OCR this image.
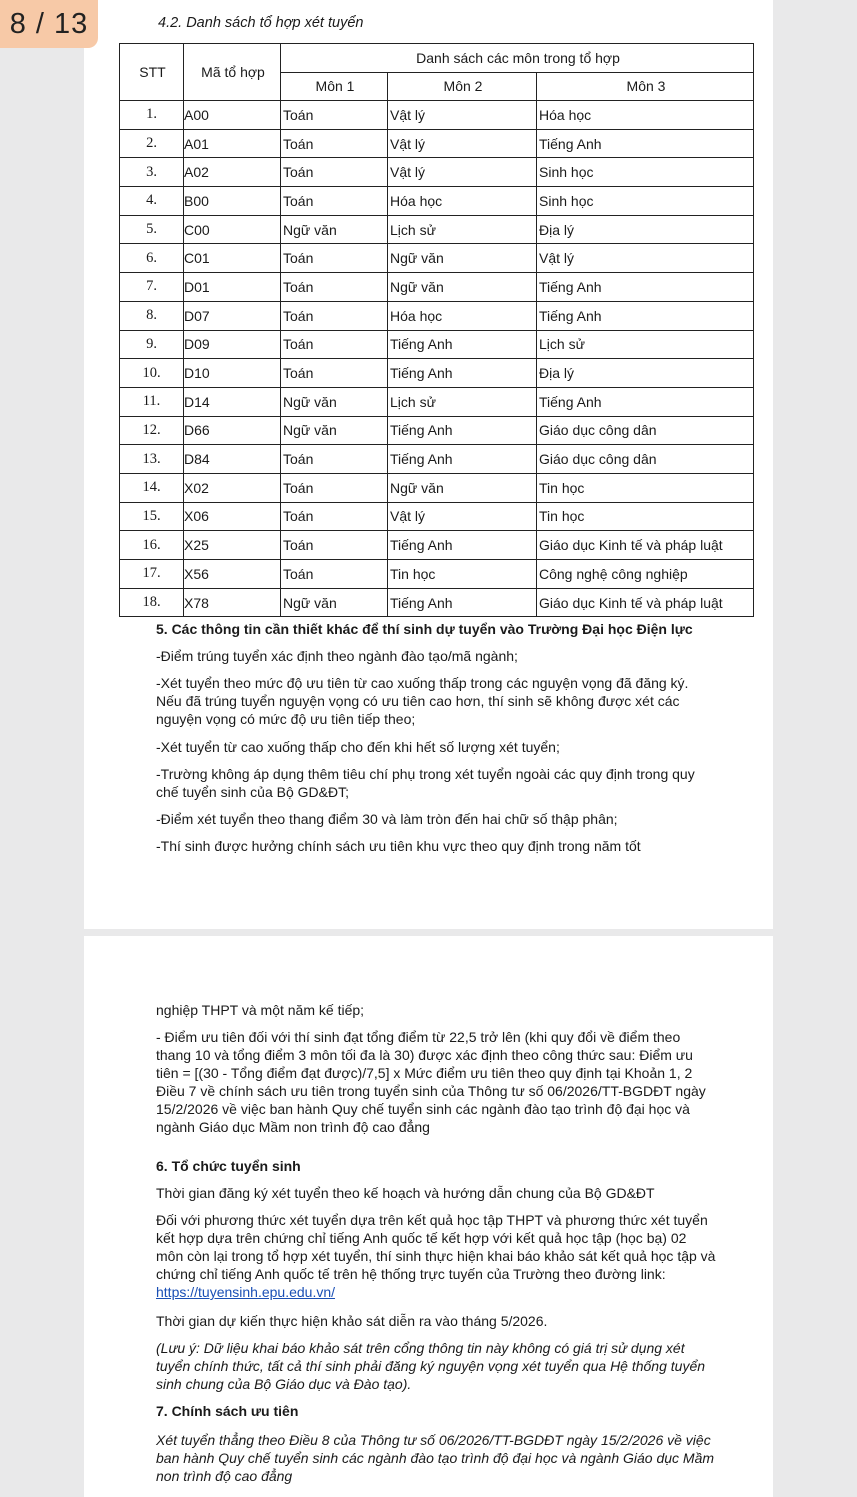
8 / 13	4.2. Danh sách tổ hợp xét tuyển
STT	Mã tổ hợp	Danh sách các môn trong tổ hợp		
		Môn 1	Môn 2	Môn 3
1.	A00	Toán	Vật lý	Hóa học
2.	A01	Toán	Vật lý	Tiếng Anh
3.	A02	Toán	Vật lý	Sinh học
4.	B00	Toán	Hóa học	Sinh học
5.	C00	Ngữ văn	Lịch sử	Địa lý
6.	C01	Toán	Ngữ văn	Vật lý
7.	D01	Toán	Ngữ văn	Tiếng Anh
8.	D07	Toán	Hóa học	Tiếng Anh
9.	D09	Toán	Tiếng Anh	Lịch sử
10.	D10	Toán	Tiếng Anh	Địa lý
11.	D14	Ngữ văn	Lịch sử	Tiếng Anh
12.	D66	Ngữ văn	Tiếng Anh	Giáo dục công dân
13.	D84	Toán	Tiếng Anh	Giáo dục công dân
14.	X02	Toán	Ngữ văn	Tin học
15.	X06	Toán	Vật lý	Tin học
16.	X25	Toán	Tiếng Anh	Giáo dục Kinh tế và pháp luật
17.	X56	Toán	Tin học	Công nghệ công nghiệp
18.	X78	Ngữ văn	Tiếng Anh	Giáo dục Kinh tế và pháp luật

5. Các thông tin cần thiết khác để thí sinh dự tuyển vào Trường Đại học Điện lực

-Điểm trúng tuyển xác định theo ngành đào tạo/mã ngành;

-Xét tuyển theo mức độ ưu tiên từ cao xuống thấp trong các nguyện vọng đã đăng ký. Nếu đã trúng tuyển nguyện vọng có ưu tiên cao hơn, thí sinh sẽ không được xét các nguyện vọng có mức độ ưu tiên tiếp theo;

-Xét tuyển từ cao xuống thấp cho đến khi hết số lượng xét tuyển;

-Trường không áp dụng thêm tiêu chí phụ trong xét tuyển ngoài các quy định trong quy chế tuyển sinh của Bộ GD&ĐT;

-Điểm xét tuyển theo thang điểm 30 và làm tròn đến hai chữ số thập phân;

-Thí sinh được hưởng chính sách ưu tiên khu vực theo quy định trong năm tốt

nghiệp THPT và một năm kế tiếp;

- Điểm ưu tiên đối với thí sinh đạt tổng điểm từ 22,5 trở lên (khi quy đổi về điểm theo thang 10 và tổng điểm 3 môn tối đa là 30) được xác định theo công thức sau: Điểm ưu tiên = [(30 - Tổng điểm đạt được)/7,5] x Mức điểm ưu tiên theo quy định tại Khoản 1, 2 Điều 7 về chính sách ưu tiên trong tuyển sinh của Thông tư số 06/2026/TT-BGDĐT ngày 15/2/2026 về việc ban hành Quy chế tuyển sinh các ngành đào tạo trình độ đại học và ngành Giáo dục Mầm non trình độ cao đẳng

6. Tổ chức tuyển sinh

Thời gian đăng ký xét tuyển theo kế hoạch và hướng dẫn chung của Bộ GD&ĐT

Đối với phương thức xét tuyển dựa trên kết quả học tập THPT và phương thức xét tuyển kết hợp dựa trên chứng chỉ tiếng Anh quốc tế kết hợp với kết quả học tập (học bạ) 02 môn còn lại trong tổ hợp xét tuyển, thí sinh thực hiện khai báo khảo sát kết quả học tập và chứng chỉ tiếng Anh quốc tế trên hệ thống trực tuyến của Trường theo đường link: https://tuyensinh.epu.edu.vn/

Thời gian dự kiến thực hiện khảo sát diễn ra vào tháng 5/2026.

(Lưu ý: Dữ liệu khai báo khảo sát trên cổng thông tin này không có giá trị sử dụng xét tuyển chính thức, tất cả thí sinh phải đăng ký nguyện vọng xét tuyển qua Hệ thống tuyển sinh chung của Bộ Giáo dục và Đào tạo).

7. Chính sách ưu tiên

Xét tuyển thẳng theo Điều 8 của Thông tư số 06/2026/TT-BGDĐT ngày 15/2/2026 về việc ban hành Quy chế tuyển sinh các ngành đào tạo trình độ đại học và ngành Giáo dục Mầm non trình độ cao đẳng
